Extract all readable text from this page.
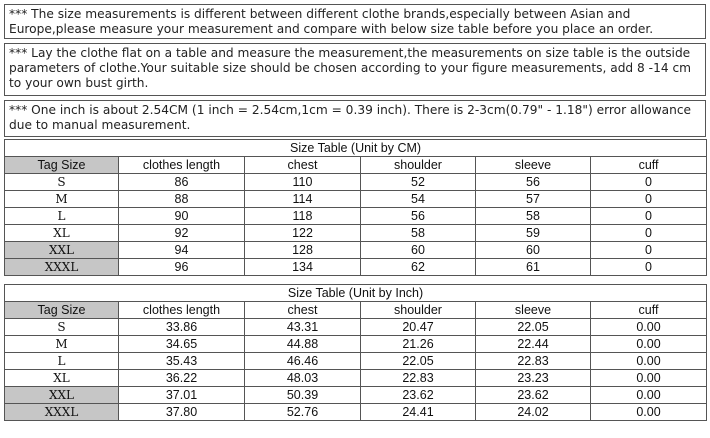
*** The size measurements is different between different clothe brands,especially between Asian and Europe,please measure your measurement and compare with below size table before you place an order.
*** Lay the clothe flat on a table and measure the measurement,the measurements on size table is the outside parameters of clothe.Your suitable size should be chosen according to your figure measurements, add 8 -14 cm to your own bust girth.
*** One inch is about 2.54CM (1 inch = 2.54cm,1cm = 0.39 inch). There is 2-3cm(0.79" - 1.18") error allowance due to manual measurement.
Size Table (Unit by CM)					
Tag Size	clothes length	chest	shoulder	sleeve	cuff
S	86	110	52	56	0
M	88	114	54	57	0
L	90	118	56	58	0
XL	92	122	58	59	0
XXL	94	128	60	60	0
XXXL	96	134	62	61	0
Size Table (Unit by Inch)					
Tag Size	clothes length	chest	shoulder	sleeve	cuff
S	33.86	43.31	20.47	22.05	0.00
M	34.65	44.88	21.26	22.44	0.00
L	35.43	46.46	22.05	22.83	0.00
XL	36.22	48.03	22.83	23.23	0.00
XXL	37.01	50.39	23.62	23.62	0.00
XXXL	37.80	52.76	24.41	24.02	0.00
